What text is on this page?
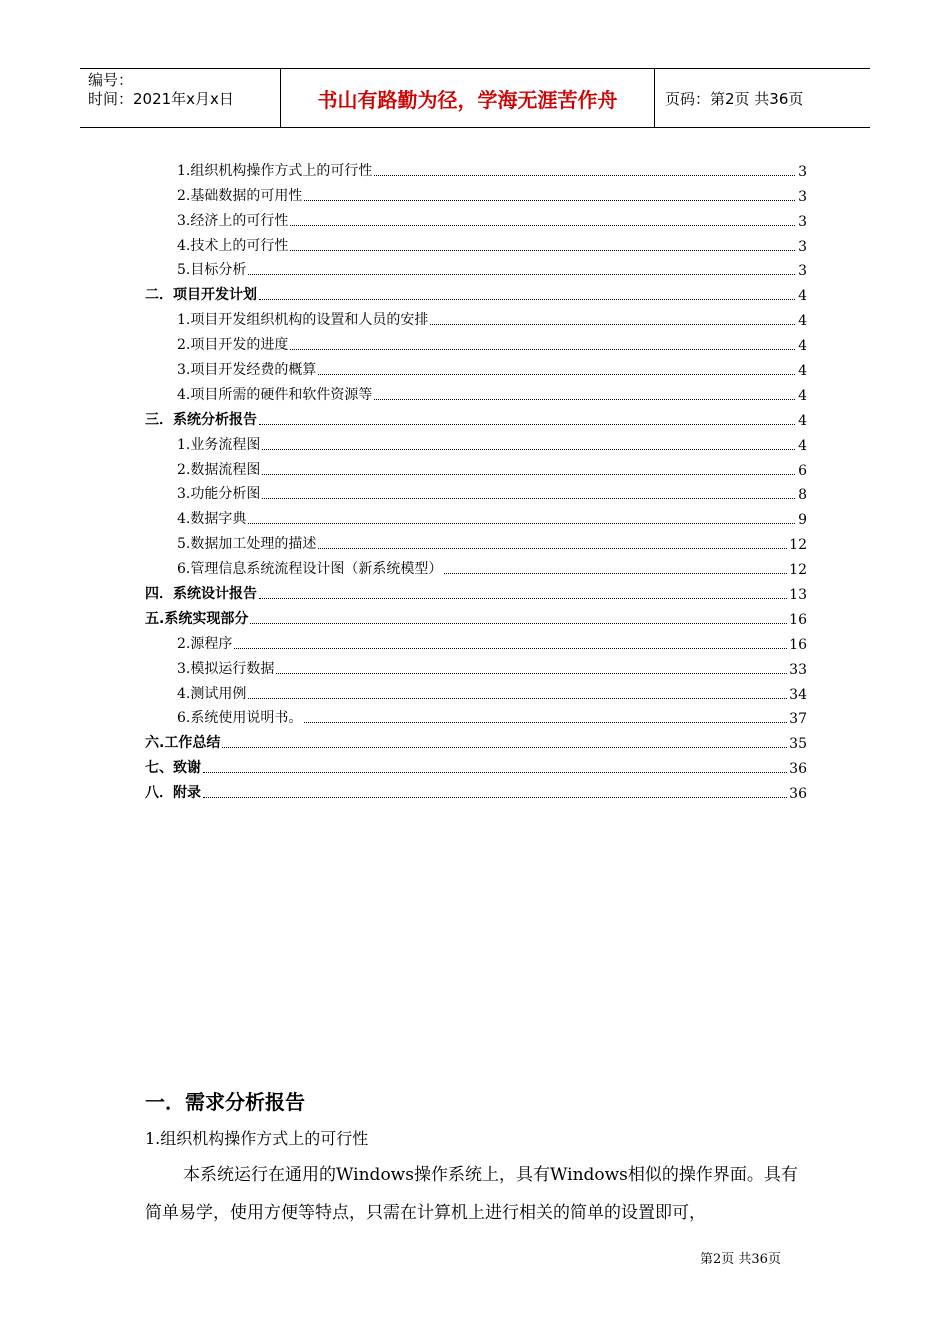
编号：
时间：2021年x月x日	书山有路勤为径，学海无涯苦作舟	页码：第2页 共36页
1.组织机构操作方式上的可行性	3
2.基础数据的可用性	3
3.经济上的可行性	3
4.技术上的可行性	3
5.目标分析	3
二．项目开发计划	4
1.项目开发组织机构的设置和人员的安排	4
2.项目开发的进度	4
3.项目开发经费的概算	4
4.项目所需的硬件和软件资源等	4
三．系统分析报告	4
1.业务流程图	4
2.数据流程图	6
3.功能分析图	8
4.数据字典	9
5.数据加工处理的描述	12
6.管理信息系统流程设计图（新系统模型）	12
四．系统设计报告	13
五.系统实现部分	16
2.源程序	16
3.模拟运行数据	33
4.测试用例	34
6.系统使用说明书。	37
六.工作总结	35
七、致谢	36
八．附录	36
一．需求分析报告
1.组织机构操作方式上的可行性
本系统运行在通用的Windows操作系统上，具有Windows相似的操作界面。具有简单易学，使用方便等特点，只需在计算机上进行相关的简单的设置即可，
第2页 共36页
